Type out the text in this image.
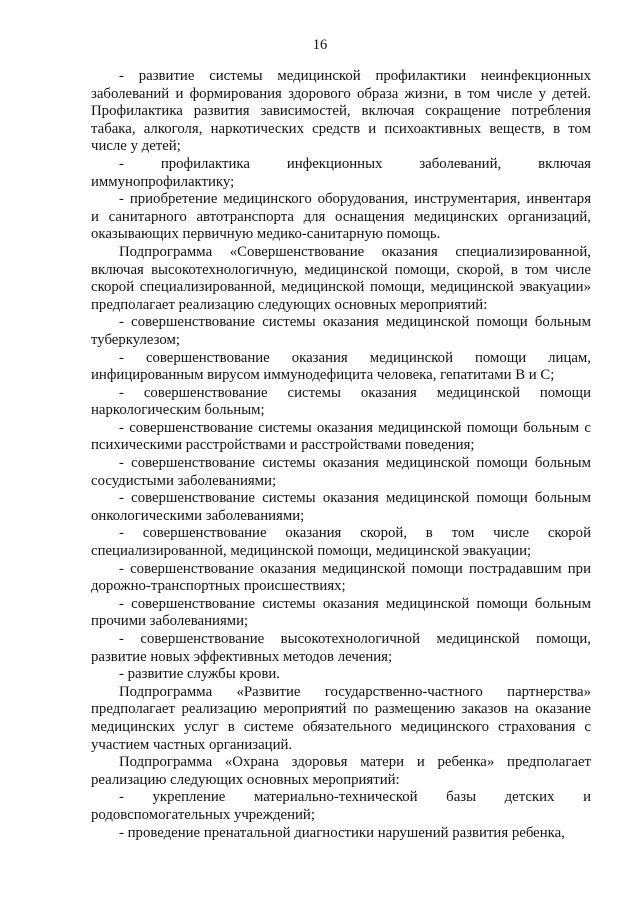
16

- развитие системы медицинской профилактики неинфекционных заболеваний и формирования здорового образа жизни, в том числе у детей. Профилактика развития зависимостей, включая сокращение потребления табака, алкоголя, наркотических средств и психоактивных веществ, в том числе у детей;

- профилактика инфекционных заболеваний, включая иммунопрофилактику;

- приобретение медицинского оборудования, инструментария, инвентаря и санитарного автотранспорта для оснащения медицинских организаций, оказывающих первичную медико-санитарную помощь.

Подпрограмма «Совершенствование оказания специализированной, включая высокотехнологичную, медицинской помощи, скорой, в том числе скорой специализированной, медицинской помощи, медицинской эвакуации» предполагает реализацию следующих основных мероприятий:

- совершенствование системы оказания медицинской помощи больным туберкулезом;

- совершенствование оказания медицинской помощи лицам, инфицированным вирусом иммунодефицита человека, гепатитами В и С;

- совершенствование системы оказания медицинской помощи наркологическим больным;

- совершенствование системы оказания медицинской помощи больным с психическими расстройствами и расстройствами поведения;

- совершенствование системы оказания медицинской помощи больным сосудистыми заболеваниями;

- совершенствование системы оказания медицинской помощи больным онкологическими заболеваниями;

- совершенствование оказания скорой, в том числе скорой специализированной, медицинской помощи, медицинской эвакуации;

- совершенствование оказания медицинской помощи пострадавшим при дорожно-транспортных происшествиях;

- совершенствование системы оказания медицинской помощи больным прочими заболеваниями;

- совершенствование высокотехнологичной медицинской помощи, развитие новых эффективных методов лечения;

- развитие службы крови.

Подпрограмма «Развитие государственно-частного партнерства» предполагает реализацию мероприятий по размещению заказов на оказание медицинских услуг в системе обязательного медицинского страхования с участием частных организаций.

Подпрограмма «Охрана здоровья матери и ребенка» предполагает реализацию следующих основных мероприятий:

- укрепление материально-технической базы детских и родовспомогательных учреждений;

- проведение пренатальной диагностики нарушений развития ребенка,
